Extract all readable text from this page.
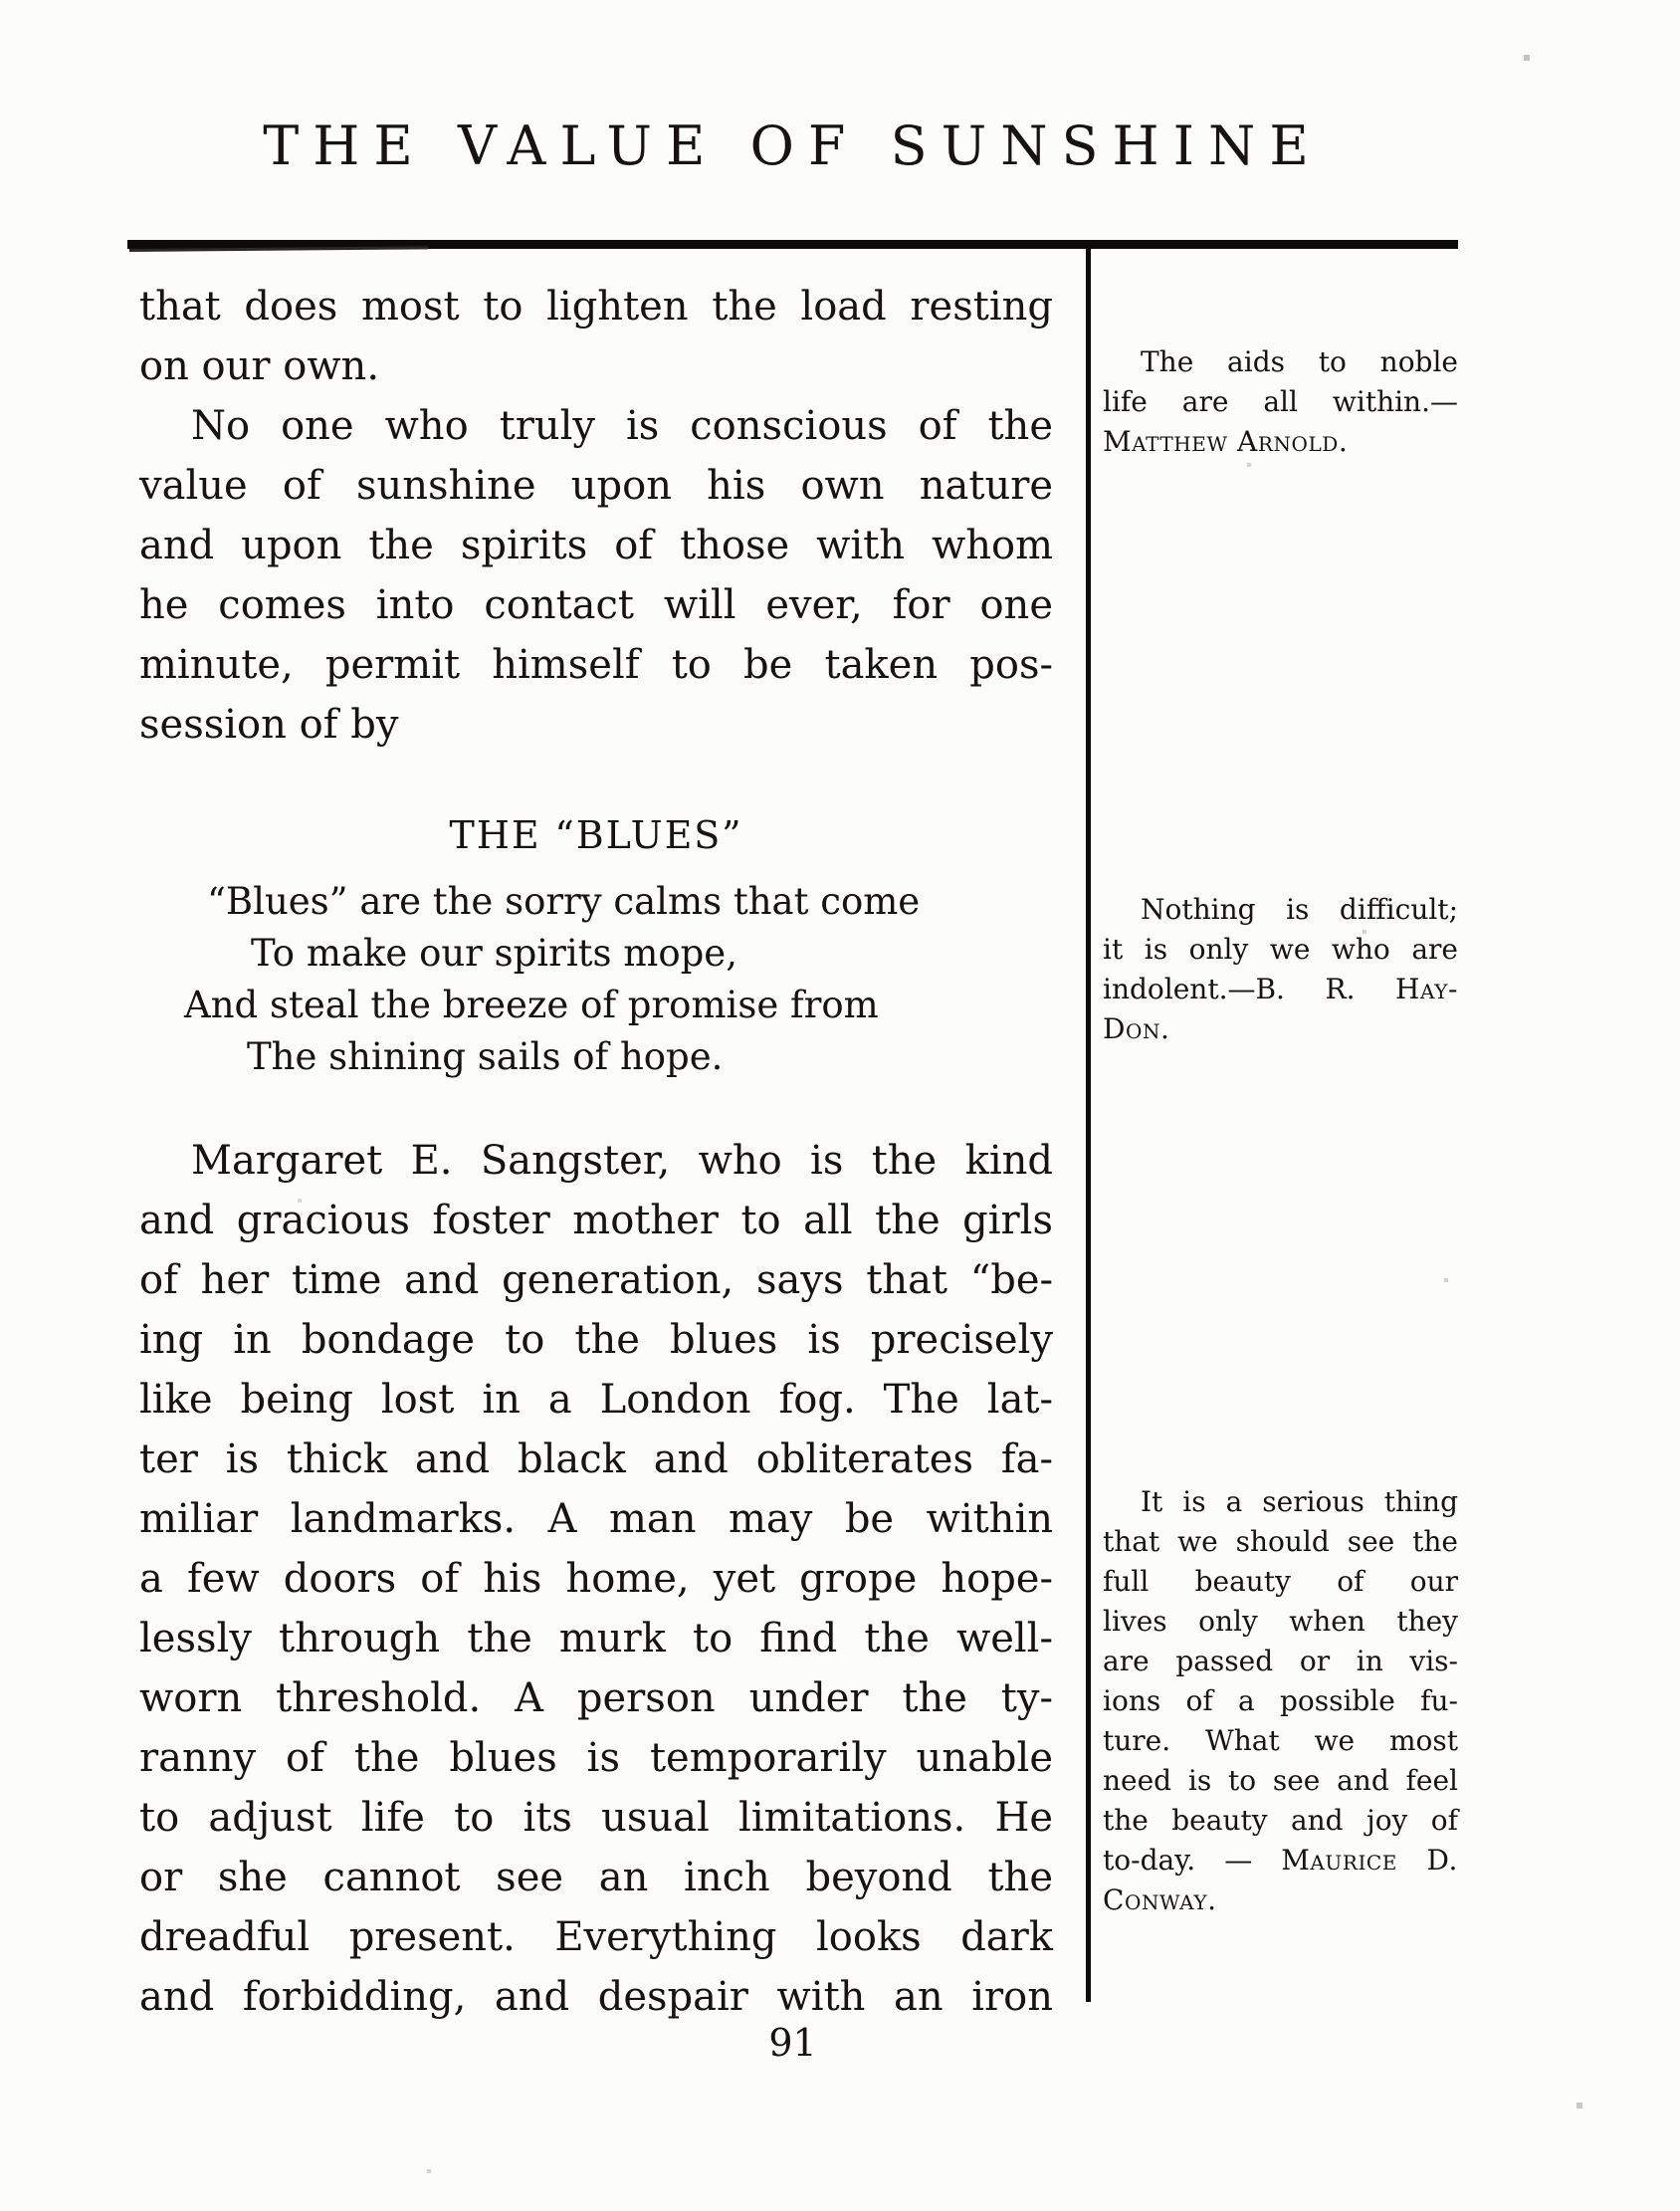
THE VALUE OF SUNSHINE
that does most to lighten the load resting
on our own.
No one who truly is conscious of the
value of sunshine upon his own nature
and upon the spirits of those with whom
he comes into contact will ever, for one
minute, permit himself to be taken pos-
session of by
THE “BLUES”
“Blues” are the sorry calms that come
To make our spirits mope,
And steal the breeze of promise from
The shining sails of hope.
Margaret E. Sangster, who is the kind
and gracious foster mother to all the girls
of her time and generation, says that “be-
ing in bondage to the blues is precisely
like being lost in a London fog. The lat-
ter is thick and black and obliterates fa-
miliar landmarks. A man may be within
a few doors of his home, yet grope hope-
lessly through the murk to find the well-
worn threshold. A person under the ty-
ranny of the blues is temporarily unable
to adjust life to its usual limitations. He
or she cannot see an inch beyond the
dreadful present. Everything looks dark
and forbidding, and despair with an iron
The aids to noble
life are all within.—
Matthew Arnold.
Nothing is difficult;
it is only we who are
indolent.—B. R. Hay-
Don.
It is a serious thing
that we should see the
full beauty of our
lives only when they
are passed or in vis-
ions of a possible fu-
ture. What we most
need is to see and feel
the beauty and joy of
to-day. — Maurice D.
Conway.
91
